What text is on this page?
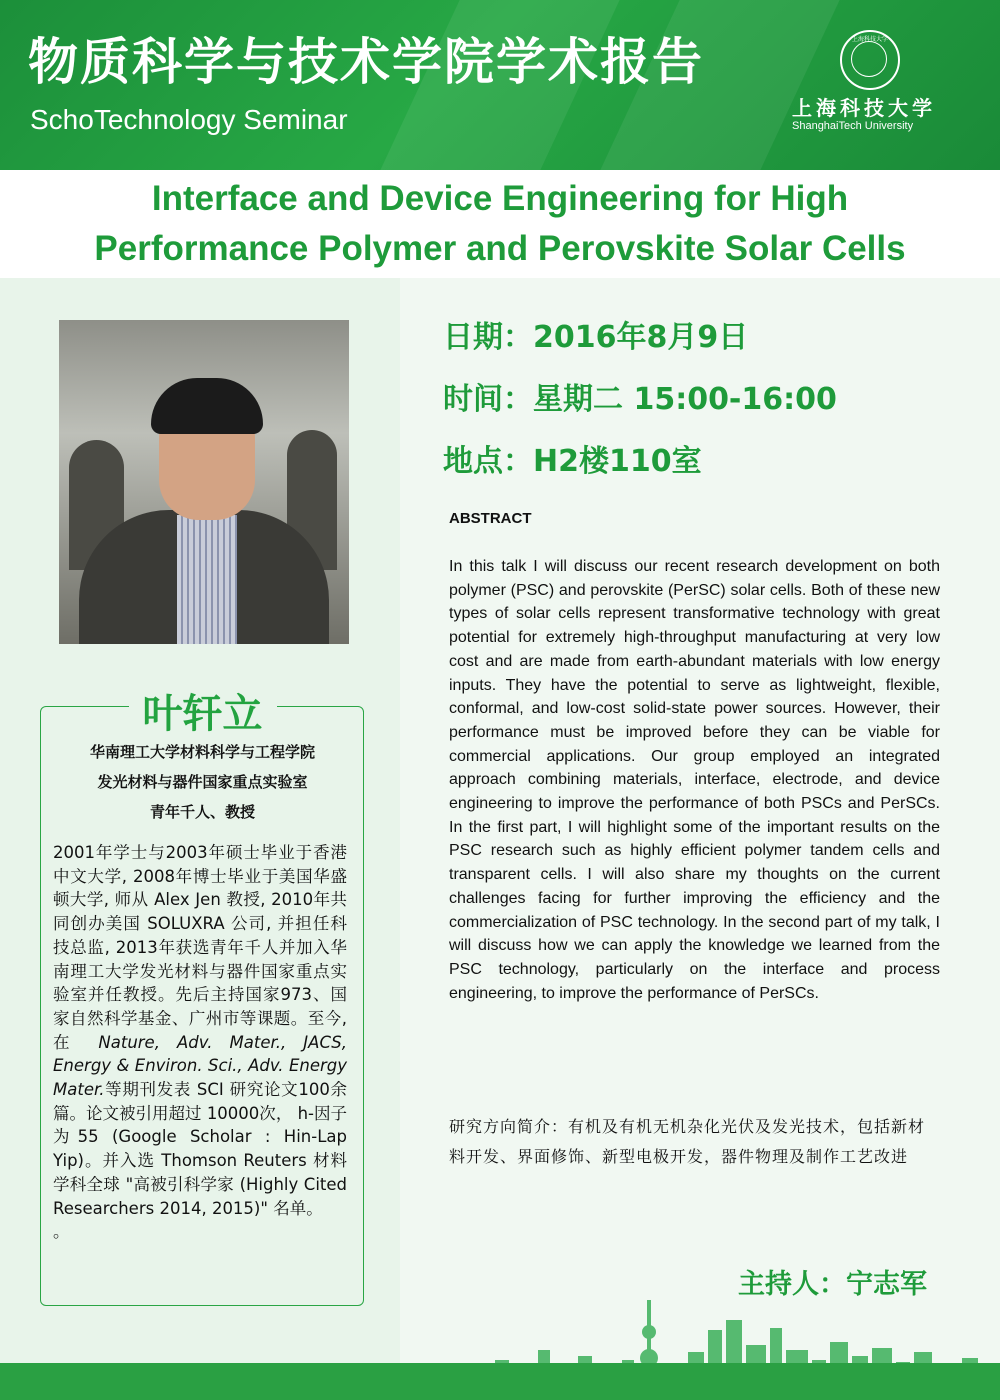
物质科学与技术学院学术报告
SchoTechnology Seminar
上海科技大学
上海科技大学
ShanghaiTech University
Interface and Device Engineering for High
Performance Polymer and Perovskite Solar Cells
叶轩立
华南理工大学材料科学与工程学院
发光材料与器件国家重点实验室
青年千人、教授
2001年学士与2003年硕士毕业于香港中文大学, 2008年博士毕业于美国华盛顿大学, 师从 Alex Jen 教授, 2010年共同创办美国 SOLUXRA 公司, 并担任科技总监, 2013年获选青年千人并加入华南理工大学发光材料与器件国家重点实验室并任教授。先后主持国家973、国家自然科学基金、广州市等课题。至今, 在 Nature, Adv. Mater., JACS, Energy & Environ. Sci., Adv. Energy Mater.等期刊发表 SCI 研究论文100余篇。论文被引用超过 10000次， h-因子为55 (Google Scholar : Hin-Lap Yip)。并入选 Thomson Reuters 材料学科全球 "高被引科学家 (Highly Cited Researchers 2014, 2015)" 名单。
。
日期：2016年8月9日
时间：星期二 15:00-16:00
地点：H2楼110室
ABSTRACT
In this talk I will discuss our recent research development on both polymer (PSC) and perovskite (PerSC) solar cells. Both of these new types of solar cells represent transformative technology with great potential for extremely high-throughput manufacturing at very low cost and are made from earth-abundant materials with low energy inputs. They have the potential to serve as lightweight, flexible, conformal, and low-cost solid-state power sources. However, their performance must be improved before they can be viable for commercial applications. Our group employed an integrated approach combining materials, interface, electrode, and device engineering to improve the performance of both PSCs and PerSCs. In the first part, I will highlight some of the important results on the PSC research such as highly efficient polymer tandem cells and transparent cells. I will also share my thoughts on the current challenges facing for further improving the efficiency and the commercialization of PSC technology. In the second part of my talk, I will discuss how we can apply the knowledge we learned from the PSC technology, particularly on the interface and process engineering, to improve the performance of PerSCs.
研究方向简介：有机及有机无机杂化光伏及发光技术，包括新材料开发、界面修饰、新型电极开发，器件物理及制作工艺改进
主持人：宁志军
